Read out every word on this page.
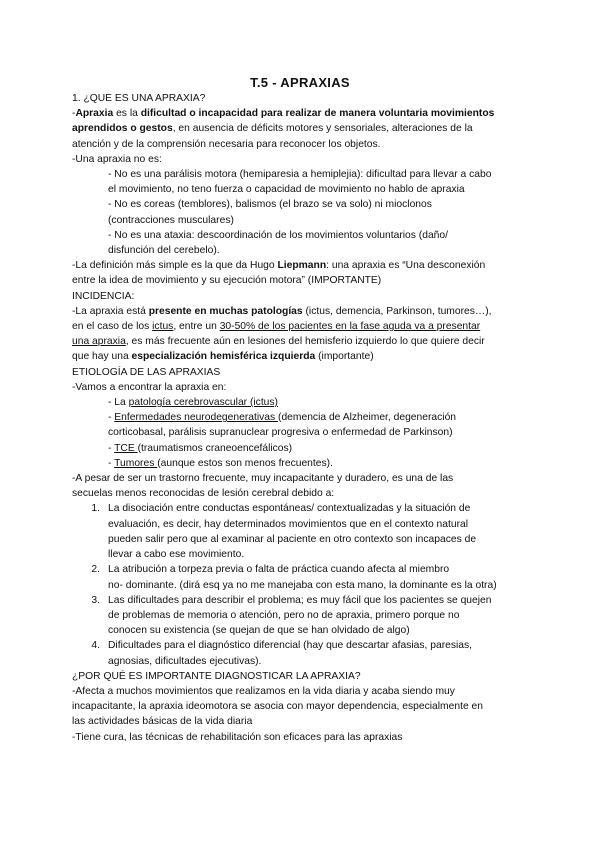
T.5 - APRAXIAS
1. ¿QUE ES UNA APRAXIA?
-Apraxia es la dificultad o incapacidad para realizar de manera voluntaria movimientos
aprendidos o gestos, en ausencia de déficits motores y sensoriales, alteraciones de la
atención y de la comprensión necesaria para reconocer los objetos.
-Una apraxia no es:
- No es una parálisis motora (hemiparesia a hemiplejia): dificultad para llevar a cabo
el movimiento, no teno fuerza o capacidad de movimiento no hablo de apraxia
- No es coreas (temblores), balismos (el brazo se va solo) ni mioclonos
(contracciones musculares)
- No es una ataxia: descoordinación de los movimientos voluntarios (daño/
disfunción del cerebelo).
-La definición más simple es la que da Hugo Liepmann: una apraxia es “Una desconexión
entre la idea de movimiento y su ejecución motora” (IMPORTANTE)
INCIDENCIA:
-La apraxia está presente en muchas patologías (ictus, demencia, Parkinson, tumores…),
en el caso de los ictus, entre un 30-50% de los pacientes en la fase aguda va a presentar
una apraxia, es más frecuente aún en lesiones del hemisferio izquierdo lo que quiere decir
que hay una especialización hemisférica izquierda (importante)
ETIOLOGÍA DE LAS APRAXIAS
-Vamos a encontrar la apraxia en:
- La patología cerebrovascular (ictus)
- Enfermedades neurodegenerativas (demencia de Alzheimer, degeneración
corticobasal, parálisis supranuclear progresiva o enfermedad de Parkinson)
- TCE (traumatismos craneoencefálicos)
- Tumores (aunque estos son menos frecuentes).
-A pesar de ser un trastorno frecuente, muy incapacitante y duradero, es una de las
secuelas menos reconocidas de lesión cerebral debido a:
1. La disociación entre conductas espontáneas/ contextualizadas y la situación de
evaluación, es decir, hay determinados movimientos que en el contexto natural
pueden salir pero que al examinar al paciente en otro contexto son incapaces de
llevar a cabo ese movimiento.
2. La atribución a torpeza previa o falta de práctica cuando afecta al miembro
no- dominante. (dirá esq ya no me manejaba con esta mano, la dominante es la otra)
3. Las dificultades para describir el problema; es muy fácil que los pacientes se quejen
de problemas de memoria o atención, pero no de apraxia, primero porque no
conocen su existencia (se quejan de que se han olvidado de algo)
4. Dificultades para el diagnóstico diferencial (hay que descartar afasias, paresias,
agnosias, dificultades ejecutivas).
¿POR QUÉ ES IMPORTANTE DIAGNOSTICAR LA APRAXIA?
-Afecta a muchos movimientos que realizamos en la vida diaria y acaba siendo muy
incapacitante, la apraxia ideomotora se asocia con mayor dependencia, especialmente en
las actividades básicas de la vida diaria
-Tiene cura, las técnicas de rehabilitación son eficaces para las apraxias
